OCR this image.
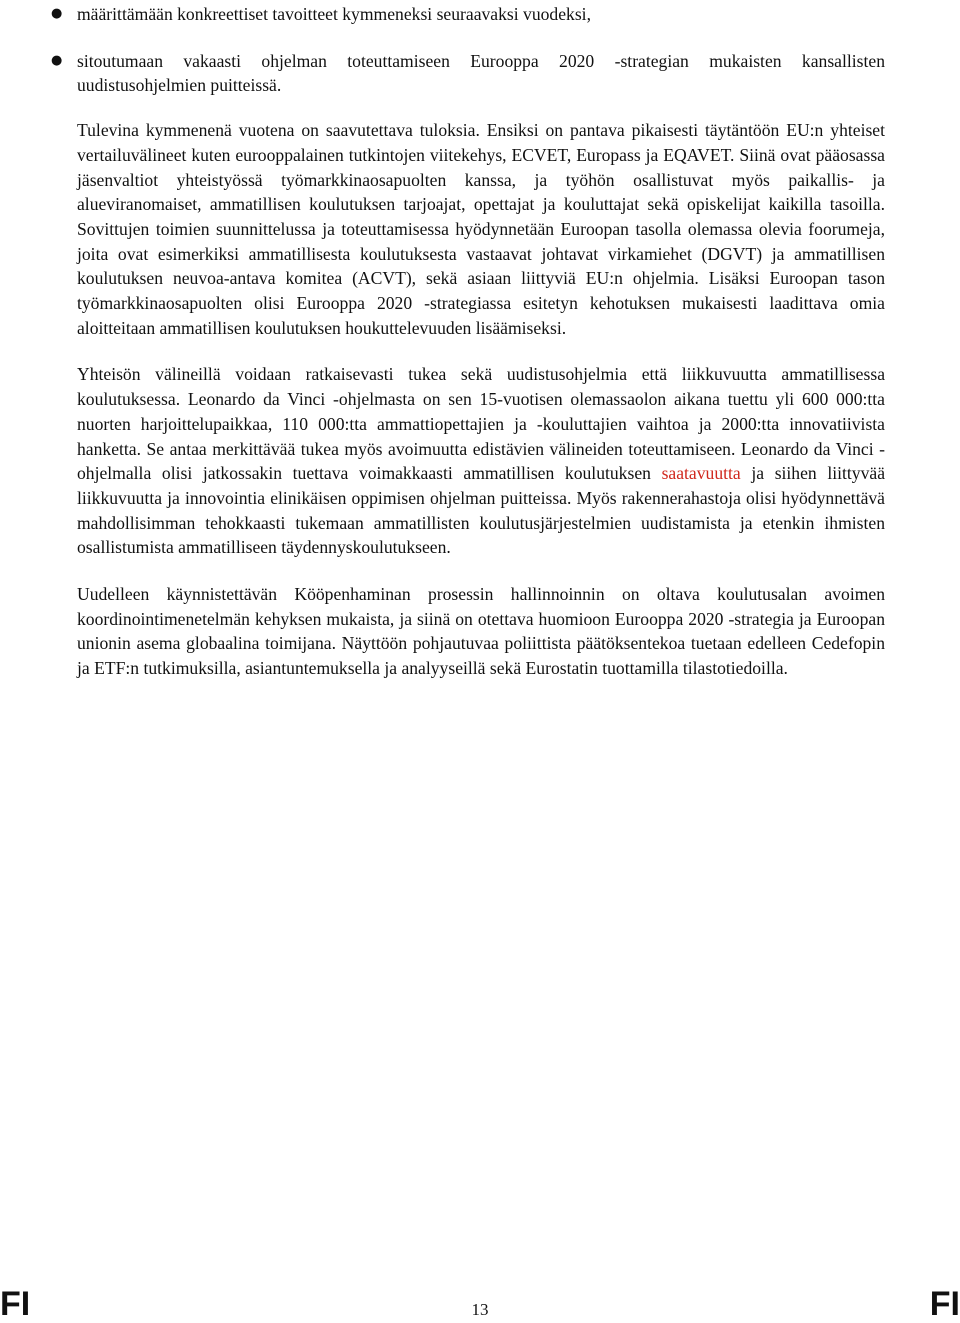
● määrittämään konkreettiset tavoitteet kymmeneksi seuraavaksi vuodeksi,
● sitoutumaan vakaasti ohjelman toteuttamiseen Eurooppa 2020 -strategian mukaisten kansallisten uudistusohjelmien puitteissä.

Tulevina kymmenenä vuotena on saavutettava tuloksia. Ensiksi on pantava pikaisesti täytäntöön EU:n yhteiset vertailuvälineet kuten eurooppalainen tutkintojen viitekehys, ECVET, Europass ja EQAVET. Siinä ovat pääosassa jäsenvaltiot yhteistyössä työmarkkinaosapuolten kanssa, ja työhön osallistuvat myös paikallis- ja alueviranomaiset, ammatillisen koulutuksen tarjoajat, opettajat ja kouluttajat sekä opiskelijat kaikilla tasoilla. Sovittujen toimien suunnittelussa ja toteuttamisessa hyödynnetään Euroopan tasolla olemassa olevia foorumeja, joita ovat esimerkiksi ammatillisesta koulutuksesta vastaavat johtavat virkamiehet (DGVT) ja ammatillisen koulutuksen neuvoa-antava komitea (ACVT), sekä asiaan liittyviä EU:n ohjelmia. Lisäksi Euroopan tason työmarkkinaosapuolten olisi Eurooppa 2020 -strategiassa esitetyn kehotuksen mukaisesti laadittava omia aloitteitaan ammatillisen koulutuksen houkuttelevuuden lisäämiseksi.

Yhteisön välineillä voidaan ratkaisevasti tukea sekä uudistusohjelmia että liikkuvuutta ammatillisessa koulutuksessa. Leonardo da Vinci -ohjelmasta on sen 15-vuotisen olemassaolon aikana tuettu yli 600 000:tta nuorten harjoittelupaikkaa, 110 000:tta ammattiopettajien ja -kouluttajien vaihtoa ja 2000:tta innovatiivista hanketta. Se antaa merkittävää tukea myös avoimuutta edistävien välineiden toteuttamiseen. Leonardo da Vinci -ohjelmalla olisi jatkossakin tuettava voimakkaasti ammatillisen koulutuksen saatavuutta ja siihen liittyvää liikkuvuutta ja innovointia elinikäisen oppimisen ohjelman puitteissa. Myös rakennerahastoja olisi hyödynnettävä mahdollisimman tehokkaasti tukemaan ammatillisten koulutusjärjestelmien uudistamista ja etenkin ihmisten osallistumista ammatilliseen täydennyskoulutukseen.

Uudelleen käynnistettävän Kööpenhaminan prosessin hallinnoinnin on oltava koulutusalan avoimen koordinointimenetelmän kehyksen mukaista, ja siinä on otettava huomioon Eurooppa 2020 -strategia ja Euroopan unionin asema globaalina toimijana. Näyttöön pohjautuvaa poliittista päätöksentekoa tuetaan edelleen Cedefopin ja ETF:n tutkimuksilla, asiantuntemuksella ja analyyseillä sekä Eurostatin tuottamilla tilastotiedoilla.

FI	13	FI
